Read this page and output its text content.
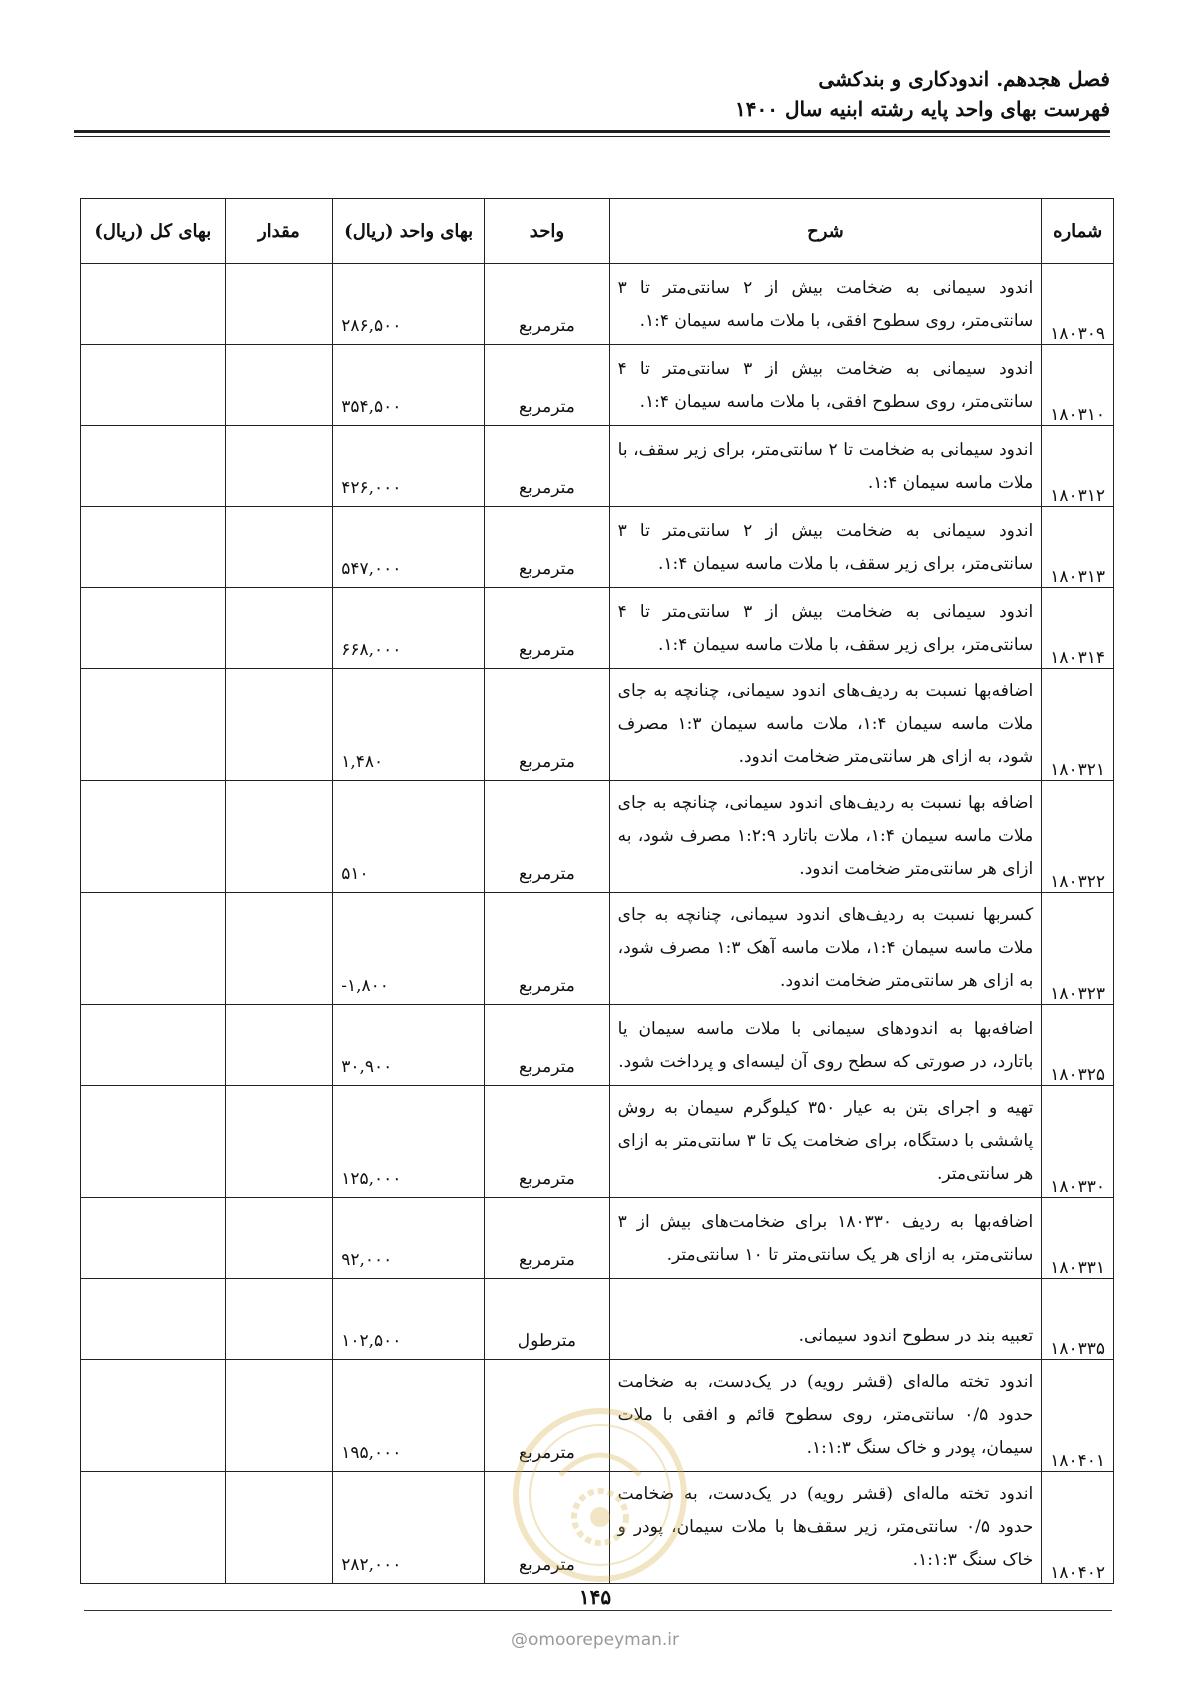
فصل هجدهم. اندودکاری و بندکشی
فهرست بهای واحد پایه رشته ابنیه سال ۱۴۰۰
شماره	شرح	واحد	بهای واحد (ریال)	مقدار	بهای کل (ریال)
۱۸۰۳۰۹	اندود سیمانی به ضخامت بیش از ۲ سانتی‌متر تا ۳ سانتی‌متر، روی سطوح افقی، با ملات ماسه سیمان ۱:۴.	مترمربع	۲۸۶,۵۰۰		
۱۸۰۳۱۰	اندود سیمانی به ضخامت بیش از ۳ سانتی‌متر تا ۴ سانتی‌متر، روی سطوح افقی، با ملات ماسه سیمان ۱:۴.	مترمربع	۳۵۴,۵۰۰		
۱۸۰۳۱۲	اندود سیمانی به ضخامت تا ۲ سانتی‌متر، برای زیر سقف، با ملات ماسه سیمان ۱:۴.	مترمربع	۴۲۶,۰۰۰		
۱۸۰۳۱۳	اندود سیمانی به ضخامت بیش از ۲ سانتی‌متر تا ۳ سانتی‌متر، برای زیر سقف، با ملات ماسه سیمان ۱:۴.	مترمربع	۵۴۷,۰۰۰		
۱۸۰۳۱۴	اندود سیمانی به ضخامت بیش از ۳ سانتی‌متر تا ۴ سانتی‌متر، برای زیر سقف، با ملات ماسه سیمان ۱:۴.	مترمربع	۶۶۸,۰۰۰		
۱۸۰۳۲۱	اضافه‌بها نسبت به ردیف‌های اندود سیمانی، چنانچه به جای ملات ماسه سیمان ۱:۴، ملات ماسه سیمان ۱:۳ مصرف شود، به ازای هر سانتی‌متر ضخامت اندود.	مترمربع	۱,۴۸۰		
۱۸۰۳۲۲	اضافه بها نسبت به ردیف‌های اندود سیمانی، چنانچه به جای ملات ماسه سیمان ۱:۴، ملات باتارد ۱:۲:۹ مصرف شود، به ازای هر سانتی‌متر ضخامت اندود.	مترمربع	۵۱۰		
۱۸۰۳۲۳	کسربها نسبت به ردیف‌های اندود سیمانی، چنانچه به جای ملات ماسه سیمان ۱:۴، ملات ماسه آهک ۱:۳ مصرف شود، به ازای هر سانتی‌متر ضخامت اندود.	مترمربع	-۱,۸۰۰		
۱۸۰۳۲۵	اضافه‌بها به اندودهای سیمانی با ملات ماسه سیمان یا باتارد، در صورتی که سطح روی آن لیسه‌ای و پرداخت شود.	مترمربع	۳۰,۹۰۰		
۱۸۰۳۳۰	تهیه و اجرای بتن به عیار ۳۵۰ کیلوگرم سیمان به روش پاششی با دستگاه، برای ضخامت یک تا ۳ سانتی‌متر به ازای هر سانتی‌متر.	مترمربع	۱۲۵,۰۰۰		
۱۸۰۳۳۱	اضافه‌بها به ردیف ۱۸۰۳۳۰ برای ضخامت‌های بیش از ۳ سانتی‌متر، به ازای هر یک سانتی‌متر تا ۱۰ سانتی‌متر.	مترمربع	۹۲,۰۰۰		
۱۸۰۳۳۵	تعبیه بند در سطوح اندود سیمانی.	مترطول	۱۰۲,۵۰۰		
۱۸۰۴۰۱	اندود تخته ماله‌ای (قشر رویه) در یک‌دست، به ضخامت حدود ۰/۵ سانتی‌متر، روی سطوح قائم و افقی با ملات سیمان، پودر و خاک سنگ ۱:۱:۳.	مترمربع	۱۹۵,۰۰۰		
۱۸۰۴۰۲	اندود تخته ماله‌ای (قشر رویه) در یک‌دست، به ضخامت حدود ۰/۵ سانتی‌متر، زیر سقف‌ها با ملات سیمان، پودر و خاک سنگ ۱:۱:۳.	مترمربع	۲۸۲,۰۰۰		
۱۴۵
@omoorepeyman.ir
